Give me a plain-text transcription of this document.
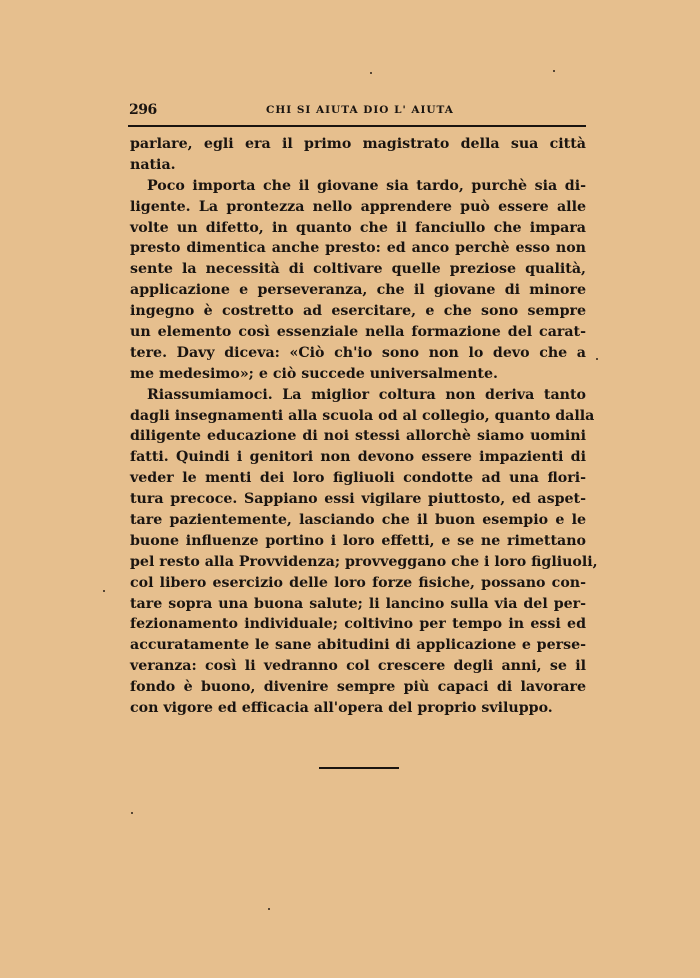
296	CHI SI AIUTA DIO L' AIUTA
parlare, egli era il primo magistrato della sua città
natia.
Poco importa che il giovane sia tardo, purchè sia di-
ligente. La prontezza nello apprendere può essere alle
volte un difetto, in quanto che il fanciullo che impara
presto dimentica anche presto: ed anco perchè esso non
sente la necessità di coltivare quelle preziose qualità,
applicazione e perseveranza, che il giovane di minore
ingegno è costretto ad esercitare, e che sono sempre
un elemento così essenziale nella formazione del carat-
tere. Davy diceva: «Ciò ch'io sono non lo devo che a
me medesimo»; e ciò succede universalmente.
Riassumiamoci. La miglior coltura non deriva tanto
dagli insegnamenti alla scuola od al collegio, quanto dalla
diligente educazione di noi stessi allorchè siamo uomini
fatti. Quindi i genitori non devono essere impazienti di
veder le menti dei loro figliuoli condotte ad una flori-
tura precoce. Sappiano essi vigilare piuttosto, ed aspet-
tare pazientemente, lasciando che il buon esempio e le
buone influenze portino i loro effetti, e se ne rimettano
pel resto alla Provvidenza; provveggano che i loro figliuoli,
col libero esercizio delle loro forze fisiche, possano con-
tare sopra una buona salute; li lancino sulla via del per-
fezionamento individuale; coltivino per tempo in essi ed
accuratamente le sane abitudini di applicazione e perse-
veranza: così li vedranno col crescere degli anni, se il
fondo è buono, divenire sempre più capaci di lavorare
con vigore ed efficacia all'opera del proprio sviluppo.
